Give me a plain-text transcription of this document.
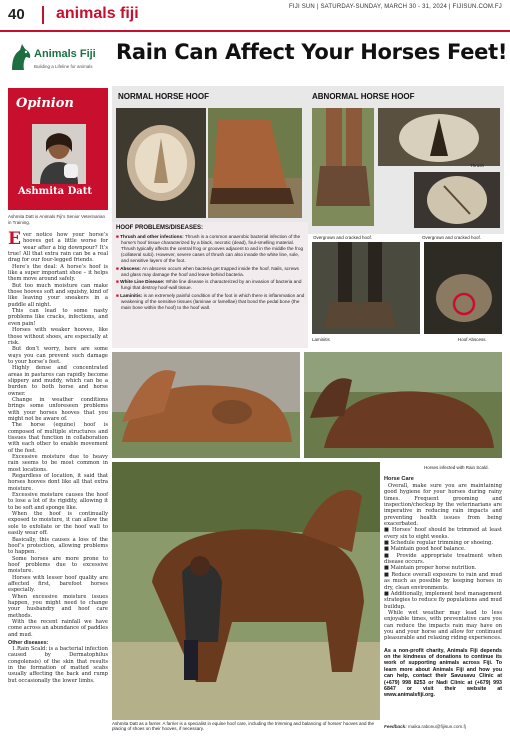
40 animals fiji	FIJI SUN | SATURDAY-SUNDAY, MARCH 30 - 31, 2024 | FIJISUN.COM.FJ
Animals Fiji
Building a Lifeline for animals
Rain Can Affect Your Horses Feet!
Opinion
Ashmita Datt
Ashmita Datt is Animals Fiji’s Senior Veterinarian in Training.
NORMAL HORSE HOOF	ABNORMAL HORSE HOOF
Thrush
Overgrown and cracked hoof.	Overgrown and cracked hoof.
Laminitis	Hoof Abscess
HOOF PROBLEMS/DISEASES:

■ Thrush and other infections: Thrush is a common anaerobic bacterial infection of the horse’s hoof tissue characterized by a black, necrotic (dead), foul-smelling material. Thrush typically affects the central frog or grooves adjacent to and in the middle the frog (collateral sulci). However, severe cases of thrush can also invade the white line, sole, and sensitive layers of the foot.

■ Abscess: An abscess occurs when bacteria get trapped inside the hoof. Nails, screws and glass may damage the hoof and leave behind bacteria.

■ White Line Disease: White line disease is characterized by an invasion of bacteria and fungi that destroy hoof-wall tissue.

■ Laminitis: is an extremely painful condition of the foot in which there is inflammation and weakening of the sensitive tissues (laminae or lamellae) that bond the pedal bone (the main bone within the hoof) to the hoof wall.

Horses infected with Rain Scald.
Ashmita Datt as a farrier. A farrier is a specialist in equine hoof care, including the trimming and balancing of horses’ hooves and the placing of shoes on their hooves, if necessary.

Ever notice how your horse’s hooves get a little worse for wear after a big downpour? It’s true! All that extra rain can be a real drag for our four-legged friends.

Here’s the deal: A horse’s hoof is like a super important shoe – it helps them move around safely.

But too much moisture can make those hooves soft and squishy, kind of like leaving your sneakers in a puddle all night.

This can lead to some nasty problems like cracks, infections, and even pain!

Horses with weaker hooves, like those without shoes, are especially at risk.

But don’t worry, here are some ways you can prevent such damage to your horse’s feet.

Highly dense and concentrated areas in pastures can rapidly become slippery and muddy, which can be a burden to both horse and horse owner.

Change in weather conditions brings some unforeseen problems with your horses hooves that you might not be aware of.

The horse (equine) hoof is composed of multiple structures and tissues that function in collaboration with each other to enable movement of the feet.

Excessive moisture due to heavy rain seems to be most common in most locations.

Regardless of location, it said that horses hooves dont like all that extra moisture.

Excessive moisture causes the hoof to lose a lot of its rigidity, allowing it to be soft and sponge like.

When the hoof is continually exposed to moisture, it can allow the sole to exfoliate or the hoof wall to easily wear off.

Basically, this causes a loss of the hoof’s protection, allowing problems to happen.

Some horses are more prone to hoof problems due to excessive moisture.

Horses with lesser hoof quality are affected first, barefoot horses especially.

When excessive moisture issues happen, you might need to change your husbandry and hoof care methods.

With the recent rainfall we have come across an abundance of paddles and mud.

Other diseases:

1.Rain Scald: is a bacterial infection caused by Dermatophilus congolensis) of the skin that results in the formation of matted scabs usually affecting the back and rump but occasionally the lower limbs.

Horse Care

Overall, make sure you are maintaining good hygiene for your horses during rainy times. Frequent grooming and inspection/checkup by the veterinarians are imperative in reducing rain impacts and preventing health issues from being exacerbated.

■ Horses’ hoof should be trimmed at least every six to eight weeks.

■ Schedule regular trimming or shoeing.

■ Maintain good hoof balance.

■ Provide appropriate treatment when disease occurs.

■ Maintain proper horse nutrition.

■ Reduce overall exposure to rain and mud as much as possible by keeping horses in dry, clean environments.

■ Additionally, implement best management strategies to reduce fly populations and mud buildup.

While wet weather may lead to less enjoyable times, with preventative care you can reduce the impacts rain may have on you and your horse and allow for continued pleasurable and relaxing riding experiences.

As a non-profit charity, Animals Fiji depends on the kindness of donations to continue its work of supporting animals across Fiji. To learn more about Animals Fiji and how you can help, contact their Savusavu Clinic at (+679) 998 8253 or Nadi Clinic at (+679) 993 6847 or visit their website at www.animalsfiji.org.

Feedback: maika.rabonu@fijisun.com.fj
